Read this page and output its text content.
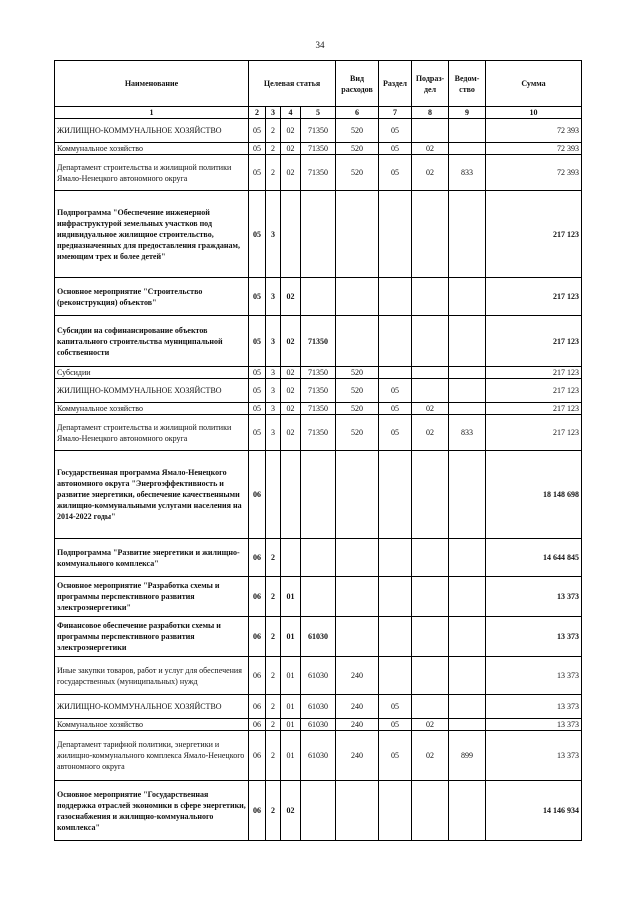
34
Наименование	Целевая статья				Вид расходов	Раздел	Подраз-дел	Ведом-ство	Сумма
1	2	3	4	5	6	7	8	9	10
ЖИЛИЩНО-КОММУНАЛЬНОЕ ХОЗЯЙСТВО	05	2	02	71350	520	05			72 393
Коммунальное хозяйство	05	2	02	71350	520	05	02		72 393
Департамент строительства и жилищной политики Ямало-Ненецкого автономного округа	05	2	02	71350	520	05	02	833	72 393
Подпрограмма "Обеспечение инженерной инфраструктурой земельных участков под индивидуальное жилищное строительство, предназначенных для предоставления гражданам, имеющим трех и более детей"	05	3							217 123
Основное мероприятие "Строительство (реконструкция) объектов"	05	3	02						217 123
Субсидии на софинансирование объектов капитального строительства муниципальной собственности	05	3	02	71350					217 123
Субсидии	05	3	02	71350	520				217 123
ЖИЛИЩНО-КОММУНАЛЬНОЕ ХОЗЯЙСТВО	05	3	02	71350	520	05			217 123
Коммунальное хозяйство	05	3	02	71350	520	05	02		217 123
Департамент строительства и жилищной политики Ямало-Ненецкого автономного округа	05	3	02	71350	520	05	02	833	217 123
Государственная программа Ямало-Ненецкого автономного округа "Энергоэффективность и развитие энергетики, обеспечение качественными жилищно-коммунальными услугами населения на 2014-2022 годы"	06								18 148 698
Подпрограмма "Развитие энергетики и жилищно-коммунального комплекса"	06	2							14 644 845
Основное мероприятие "Разработка схемы и программы перспективного развития электроэнергетики"	06	2	01						13 373
Финансовое обеспечение разработки схемы и программы перспективного развития электроэнергетики	06	2	01	61030					13 373
Иные закупки товаров, работ и услуг для обеспечения государственных (муниципальных) нужд	06	2	01	61030	240				13 373
ЖИЛИЩНО-КОММУНАЛЬНОЕ ХОЗЯЙСТВО	06	2	01	61030	240	05			13 373
Коммунальное хозяйство	06	2	01	61030	240	05	02		13 373
Департамент тарифной политики, энергетики и жилищно-коммунального комплекса Ямало-Ненецкого автономного округа	06	2	01	61030	240	05	02	899	13 373
Основное мероприятие "Государственная поддержка отраслей экономики в сфере энергетики, газоснабжения и жилищно-коммунального комплекса"	06	2	02						14 146 934
